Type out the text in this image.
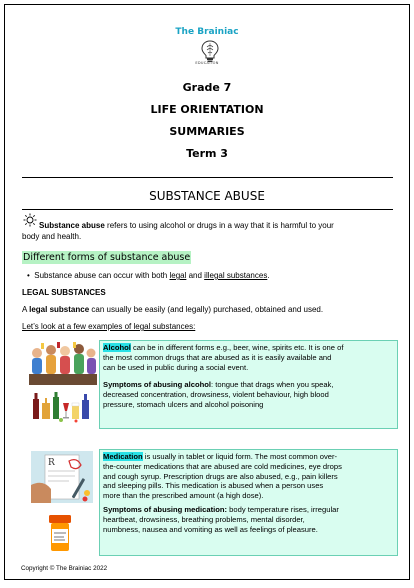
The Brainiac
EDUCATION
Grade 7
LIFE ORIENTATION
SUMMARIES
Term 3
SUBSTANCE ABUSE
Substance abuse refers to using alcohol or drugs in a way that it is harmful to your
body and health.
Different forms of substance abuse
• Substance abuse can occur with both legal and illegal substances.
LEGAL SUBSTANCES
A legal substance can usually be easily (and legally) purchased, obtained and used.
Let’s look at a few examples of legal substances:

Alcohol can be in different forms e.g., beer, wine, spirits etc. It is one of
the most common drugs that are abused as it is easily available and
can be used in public during a social event.

Symptoms of abusing alcohol: tongue that drags when you speak,
decreased concentration, drowsiness, violent behaviour, high blood
pressure, stomach ulcers and alcohol poisoning

R

Medication is usually in tablet or liquid form. The most common over-
the-counter medications that are abused are cold medicines, eye drops
and cough syrup. Prescription drugs are also abused, e.g., pain killers
and sleeping pills. This medication is abused when a person uses
more than the prescribed amount (a high dose).

Symptoms of abusing medication: body temperature rises, irregular
heartbeat, drowsiness, breathing problems, mental disorder,
numbness, nausea and vomiting as well as feelings of pleasure.

Copyright © The Brainiac 2022
